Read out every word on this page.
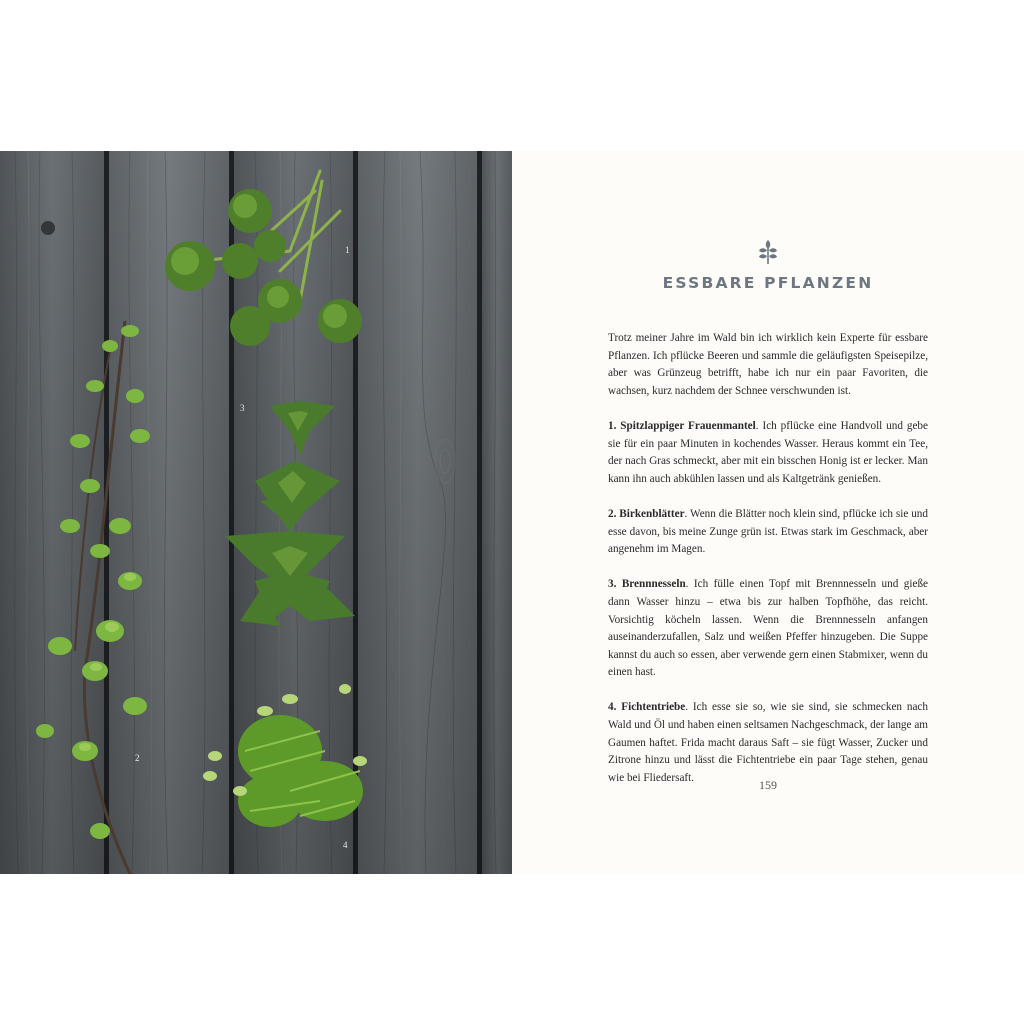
1
2
3
4
ESSBARE PFLANZEN

Trotz meiner Jahre im Wald bin ich wirklich kein Experte für essbare Pflanzen. Ich pflücke Beeren und sammle die geläufigsten Speisepilze, aber was Grünzeug betrifft, habe ich nur ein paar Favoriten, die wachsen, kurz nachdem der Schnee verschwunden ist.

1. Spitzlappiger Frauenmantel. Ich pflücke eine Handvoll und gebe sie für ein paar Minuten in kochendes Wasser. Heraus kommt ein Tee, der nach Gras schmeckt, aber mit ein bisschen Honig ist er lecker. Man kann ihn auch abkühlen lassen und als Kaltgetränk genießen.

2. Birkenblätter. Wenn die Blätter noch klein sind, pflücke ich sie und esse davon, bis meine Zunge grün ist. Etwas stark im Geschmack, aber angenehm im Magen.

3. Brennnesseln. Ich fülle einen Topf mit Brennnesseln und gieße dann Wasser hinzu – etwa bis zur halben Topfhöhe, das reicht. Vorsichtig köcheln lassen. Wenn die Brennnesseln anfangen auseinanderzufallen, Salz und weißen Pfeffer hinzugeben. Die Suppe kannst du auch so essen, aber verwende gern einen Stabmixer, wenn du einen hast.

4. Fichtentriebe. Ich esse sie so, wie sie sind, sie schmecken nach Wald und Öl und haben einen seltsamen Nachgeschmack, der lange am Gaumen haftet. Frida macht daraus Saft – sie fügt Wasser, Zucker und Zitrone hinzu und lässt die Fichtentriebe ein paar Tage stehen, genau wie bei Fliedersaft.

159
